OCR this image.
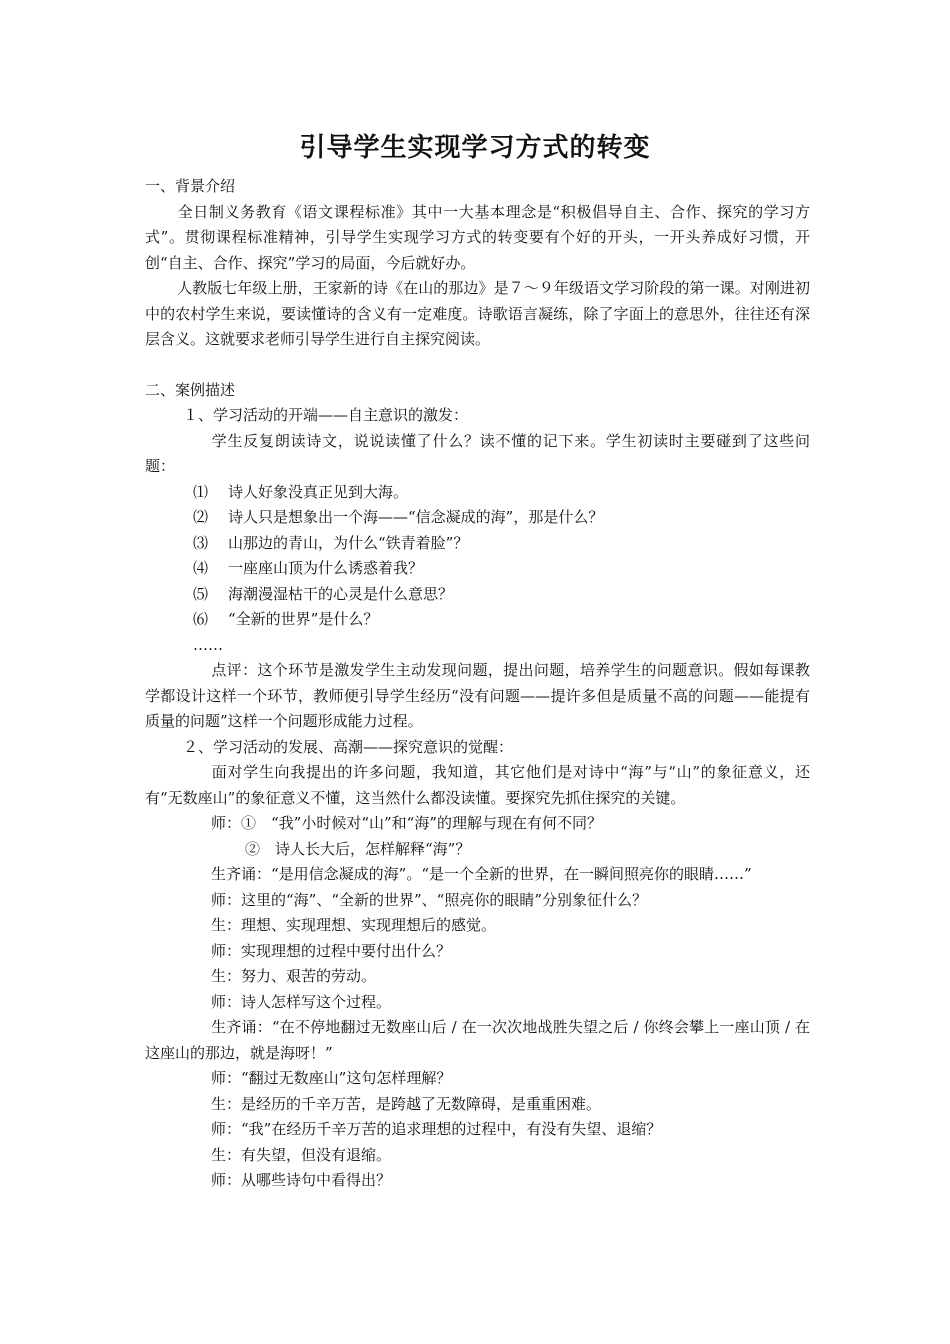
引导学生实现学习方式的转变
一、背景介绍
全日制义务教育《语文课程标准》其中一大基本理念是“积极倡导自主、合作、探究的学习方式”。贯彻课程标准精神，引导学生实现学习方式的转变要有个好的开头，一开头养成好习惯，开创“自主、合作、探究”学习的局面，今后就好办。
人教版七年级上册，王家新的诗《在山的那边》是７～９年级语文学习阶段的第一课。对刚进初中的农村学生来说，要读懂诗的含义有一定难度。诗歌语言凝练，除了字面上的意思外，往往还有深层含义。这就要求老师引导学生进行自主探究阅读。
二、案例描述
１、学习活动的开端——自主意识的激发：
学生反复朗读诗文，说说读懂了什么？读不懂的记下来。学生初读时主要碰到了这些问题：
⑴	诗人好象没真正见到大海。
⑵	诗人只是想象出一个海——“信念凝成的海”，那是什么？
⑶	山那边的青山，为什么“铁青着脸”？
⑷	一座座山顶为什么诱惑着我？
⑸	海潮漫湿枯干的心灵是什么意思？
⑹	“全新的世界”是什么？
……
点评：这个环节是激发学生主动发现问题，提出问题，培养学生的问题意识。假如每课教学都设计这样一个环节，教师便引导学生经历“没有问题——提许多但是质量不高的问题——能提有质量的问题”这样一个问题形成能力过程。
２、学习活动的发展、高潮——探究意识的觉醒：
面对学生向我提出的许多问题，我知道，其它他们是对诗中“海”与“山”的象征意义，还有“无数座山”的象征意义不懂，这当然什么都没读懂。要探究先抓住探究的关键。
师：①　“我”小时候对“山”和“海”的理解与现在有何不同？
②　诗人长大后，怎样解释“海”？
生齐诵：“是用信念凝成的海”。“是一个全新的世界，在一瞬间照亮你的眼睛……”
师：这里的“海”、“全新的世界”、“照亮你的眼睛”分别象征什么？
生：理想、实现理想、实现理想后的感觉。
师：实现理想的过程中要付出什么？
生：努力、艰苦的劳动。
师：诗人怎样写这个过程。
生齐诵：“在不停地翻过无数座山后 / 在一次次地战胜失望之后 / 你终会攀上一座山顶 / 在这座山的那边，就是海呀！”
师：“翻过无数座山”这句怎样理解？
生：是经历的千辛万苦，是跨越了无数障碍，是重重困难。
师：“我”在经历千辛万苦的追求理想的过程中，有没有失望、退缩？
生：有失望，但没有退缩。
师：从哪些诗句中看得出？
